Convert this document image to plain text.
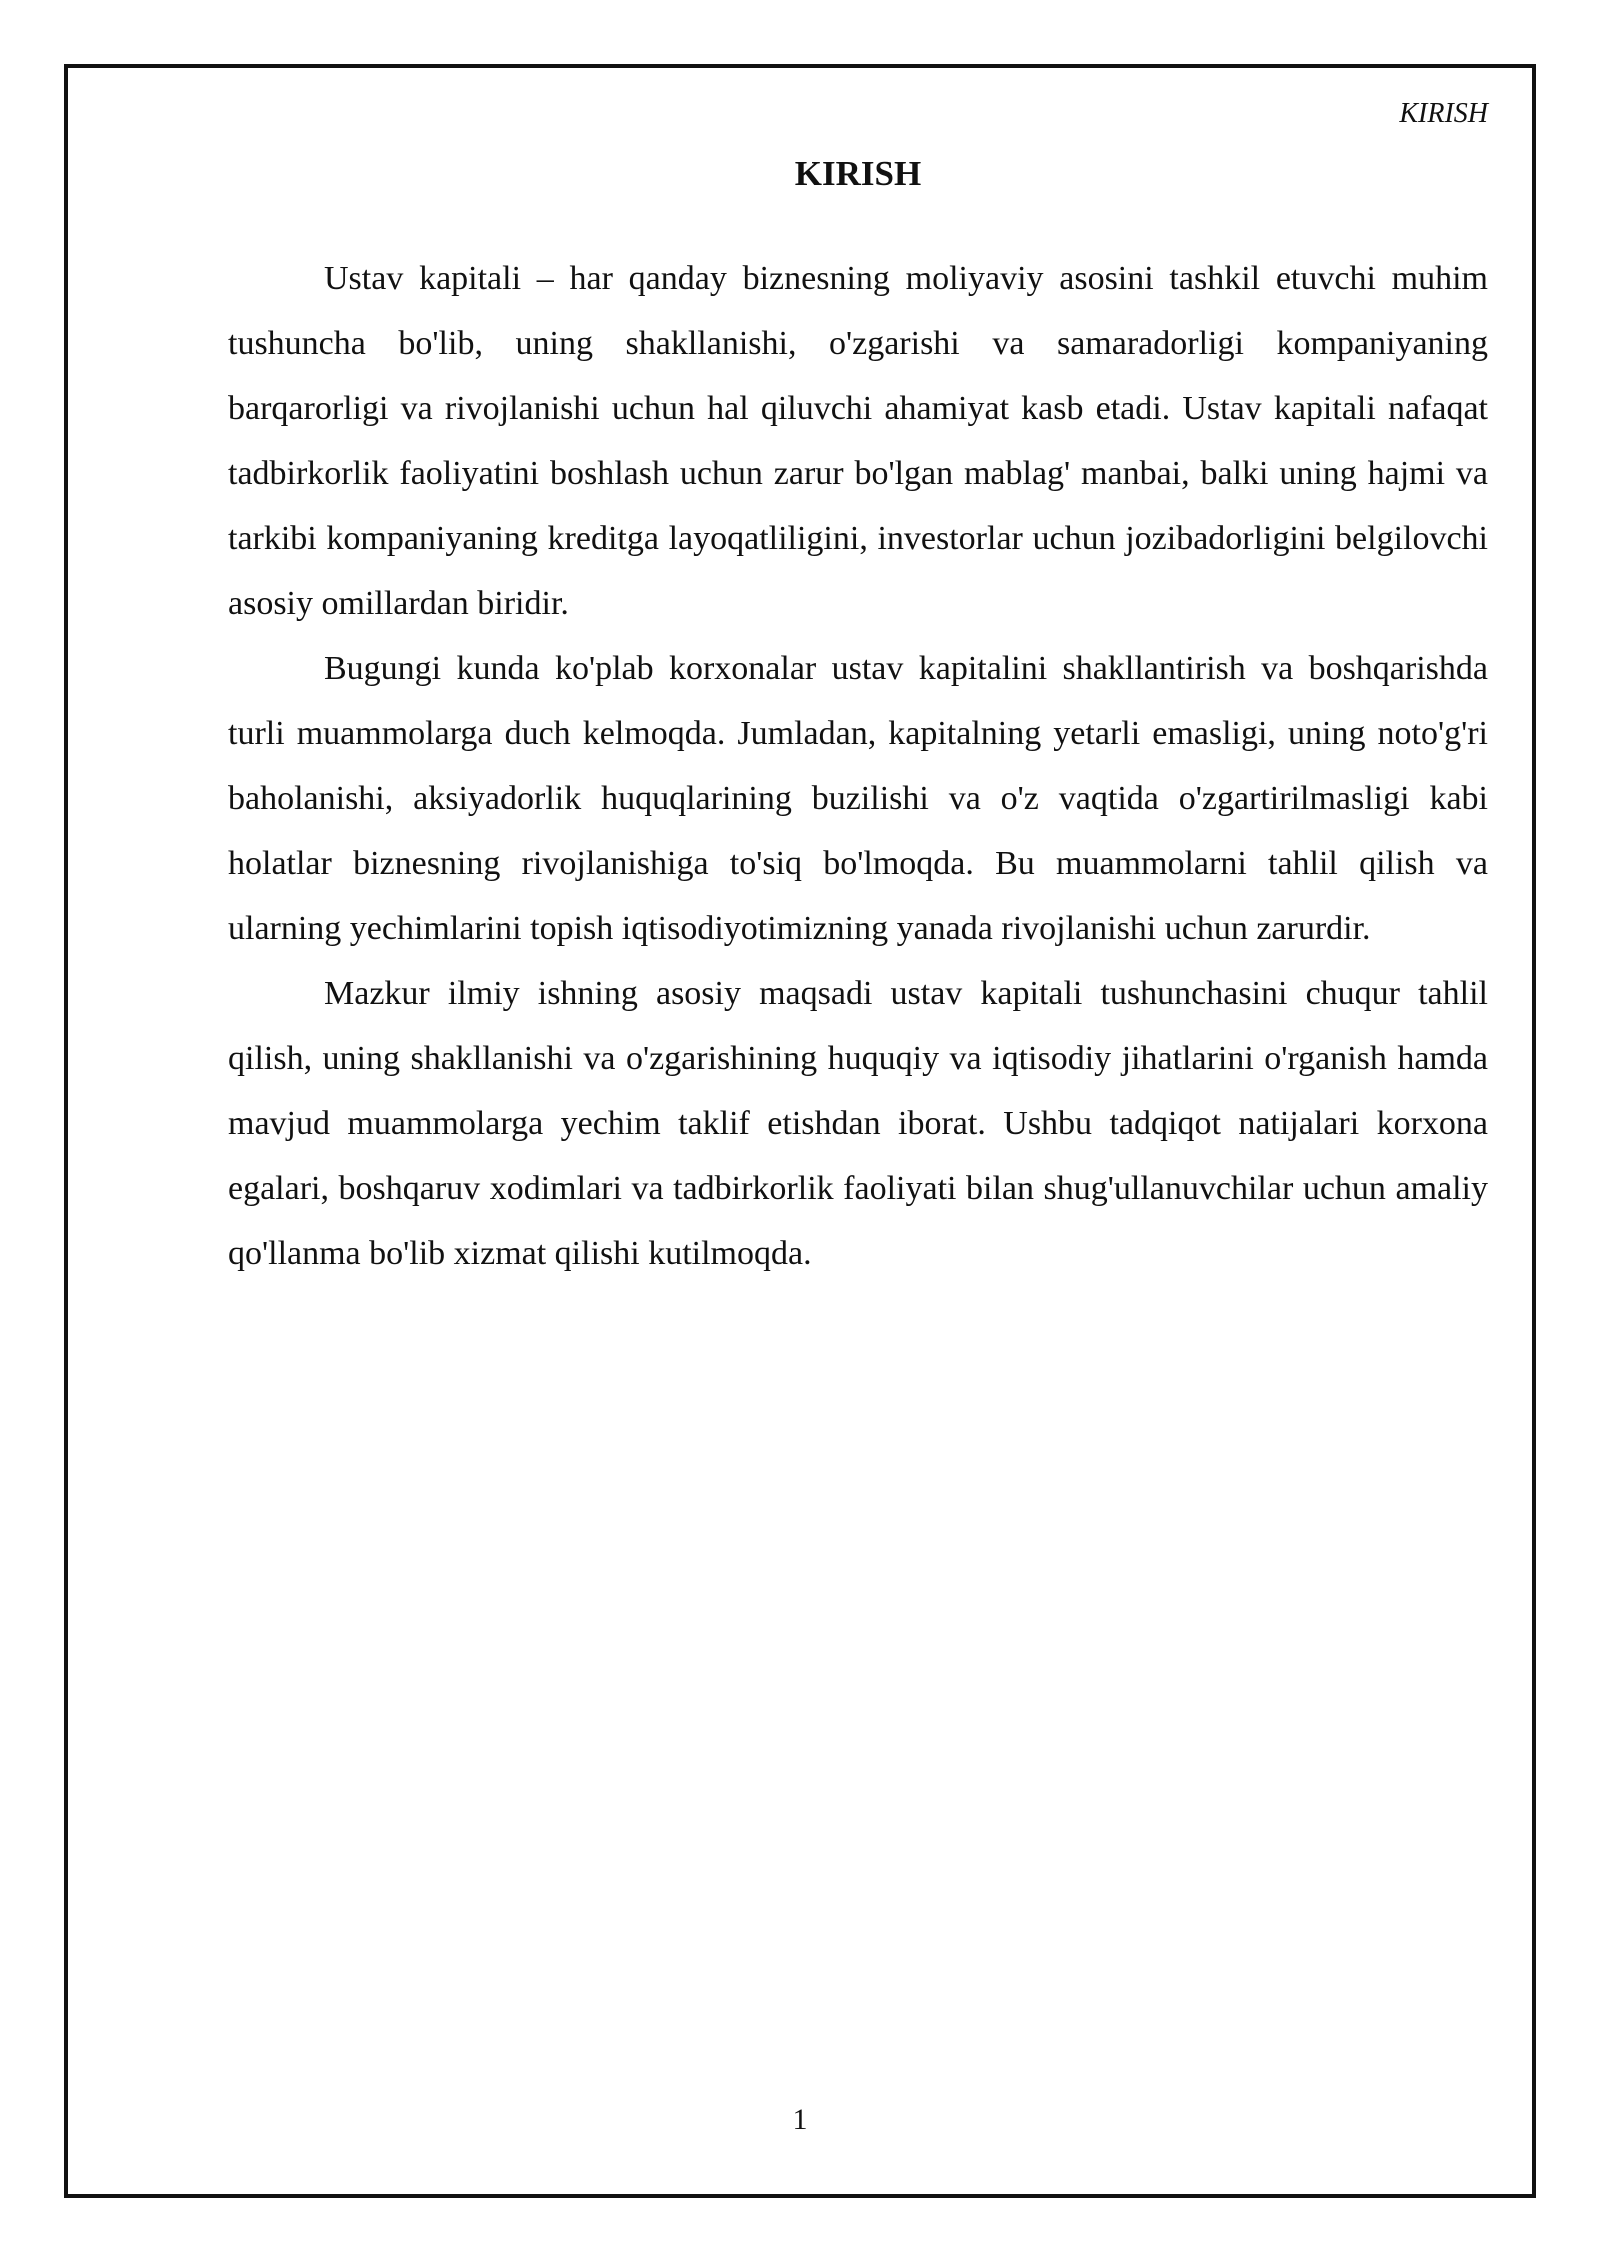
KIRISH
KIRISH

Ustav kapitali – har qanday biznesning moliyaviy asosini tashkil etuvchi muhim tushuncha bo'lib, uning shakllanishi, o'zgarishi va samaradorligi kompaniyaning barqarorligi va rivojlanishi uchun hal qiluvchi ahamiyat kasb etadi. Ustav kapitali nafaqat tadbirkorlik faoliyatini boshlash uchun zarur bo'lgan mablag' manbai, balki uning hajmi va tarkibi kompaniyaning kreditga layoqatliligini, investorlar uchun jozibadorligini belgilovchi asosiy omillardan biridir.

Bugungi kunda ko'plab korxonalar ustav kapitalini shakllantirish va boshqarishda turli muammolarga duch kelmoqda. Jumladan, kapitalning yetarli emasligi, uning noto'g'ri baholanishi, aksiyadorlik huquqlarining buzilishi va o'z vaqtida o'zgartirilmasligi kabi holatlar biznesning rivojlanishiga to'siq bo'lmoqda. Bu muammolarni tahlil qilish va ularning yechimlarini topish iqtisodiyotimizning yanada rivojlanishi uchun zarurdir.

Mazkur ilmiy ishning asosiy maqsadi ustav kapitali tushunchasini chuqur tahlil qilish, uning shakllanishi va o'zgarishining huquqiy va iqtisodiy jihatlarini o'rganish hamda mavjud muammolarga yechim taklif etishdan iborat. Ushbu tadqiqot natijalari korxona egalari, boshqaruv xodimlari va tadbirkorlik faoliyati bilan shug'ullanuvchilar uchun amaliy qo'llanma bo'lib xizmat qilishi kutilmoqda.

1
